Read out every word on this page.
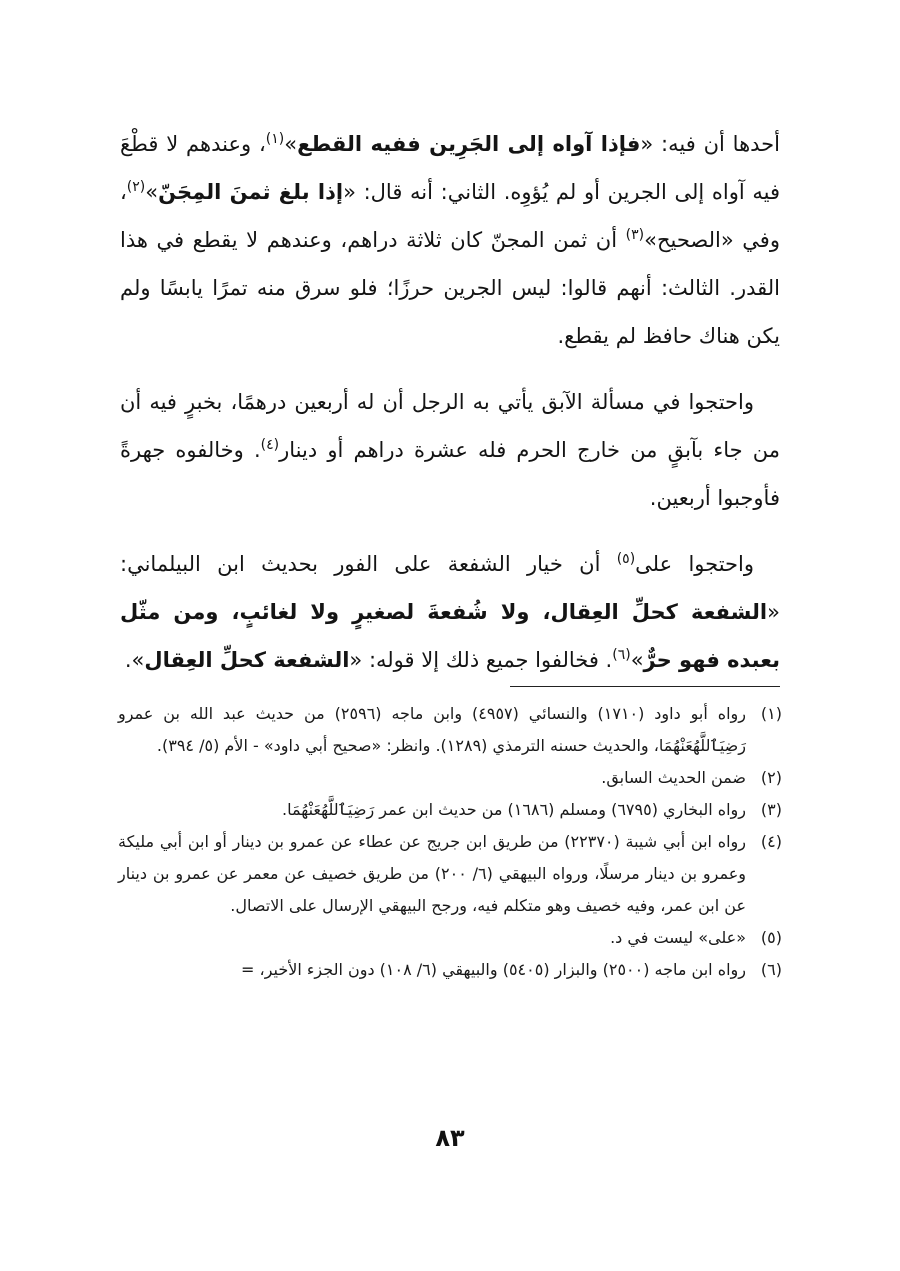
أحدها أن فيه: «فإذا آواه إلى الجَرِين ففيه القطع»$^{(١)}$، وعندهم لا قطْعَ فيه آواه إلى الجرين أو لم يُؤوِه. الثاني: أنه قال: «إذا بلغ ثمنَ المِجَنّ»$^{(٢)}$، وفي «الصحيح»$^{(٣)}$ أن ثمن المجنّ كان ثلاثة دراهم، وعندهم لا يقطع في هذا القدر. الثالث: أنهم قالوا: ليس الجرين حرزًا؛ فلو سرق منه تمرًا يابسًا ولم يكن هناك حافظ لم يقطع.

واحتجوا في مسألة الآبق يأتي به الرجل أن له أربعين درهمًا، بخبرٍ فيه أن من جاء بآبقٍ من خارج الحرم فله عشرة دراهم أو دينار$^{(٤)}$. وخالفوه جهرةً فأوجبوا أربعين.

واحتجوا على$^{(٥)}$ أن خيار الشفعة على الفور بحديث ابن البيلماني: «الشفعة كحلِّ العِقال، ولا شُفعةَ لصغيرٍ ولا لغائبٍ، ومن مثّل بعبده فهو حرٌّ»$^{(٦)}$. فخالفوا جميع ذلك إلا قوله: «الشفعة كحلِّ العِقال».

(١)
رواه أبو داود (١٧١٠) والنسائي (٤٩٥٧) وابن ماجه (٢٥٩٦) من حديث عبد الله بن عمرو رَضِيَٱللَّهُعَنْهُمَا، والحديث حسنه الترمذي (١٢٨٩). وانظر: «صحيح أبي داود» - الأم (٥/ ٣٩٤).
(٢)
ضمن الحديث السابق.
(٣)
رواه البخاري (٦٧٩٥) ومسلم (١٦٨٦) من حديث ابن عمر رَضِيَٱللَّهُعَنْهُمَا.
(٤)
رواه ابن أبي شيبة (٢٢٣٧٠) من طريق ابن جريج عن عطاء عن عمرو بن دينار أو ابن أبي مليكة وعمرو بن دينار مرسلًا، ورواه البيهقي (٦/ ٢٠٠) من طريق خصيف عن معمر عن عمرو بن دينار عن ابن عمر، وفيه خصيف وهو متكلم فيه، ورجح البيهقي الإرسال على الاتصال.
(٥)
«على» ليست في د.
(٦)
رواه ابن ماجه (٢٥٠٠) والبزار (٥٤٠٥) والبيهقي (٦/ ١٠٨) دون الجزء الأخير، =
٨٣
